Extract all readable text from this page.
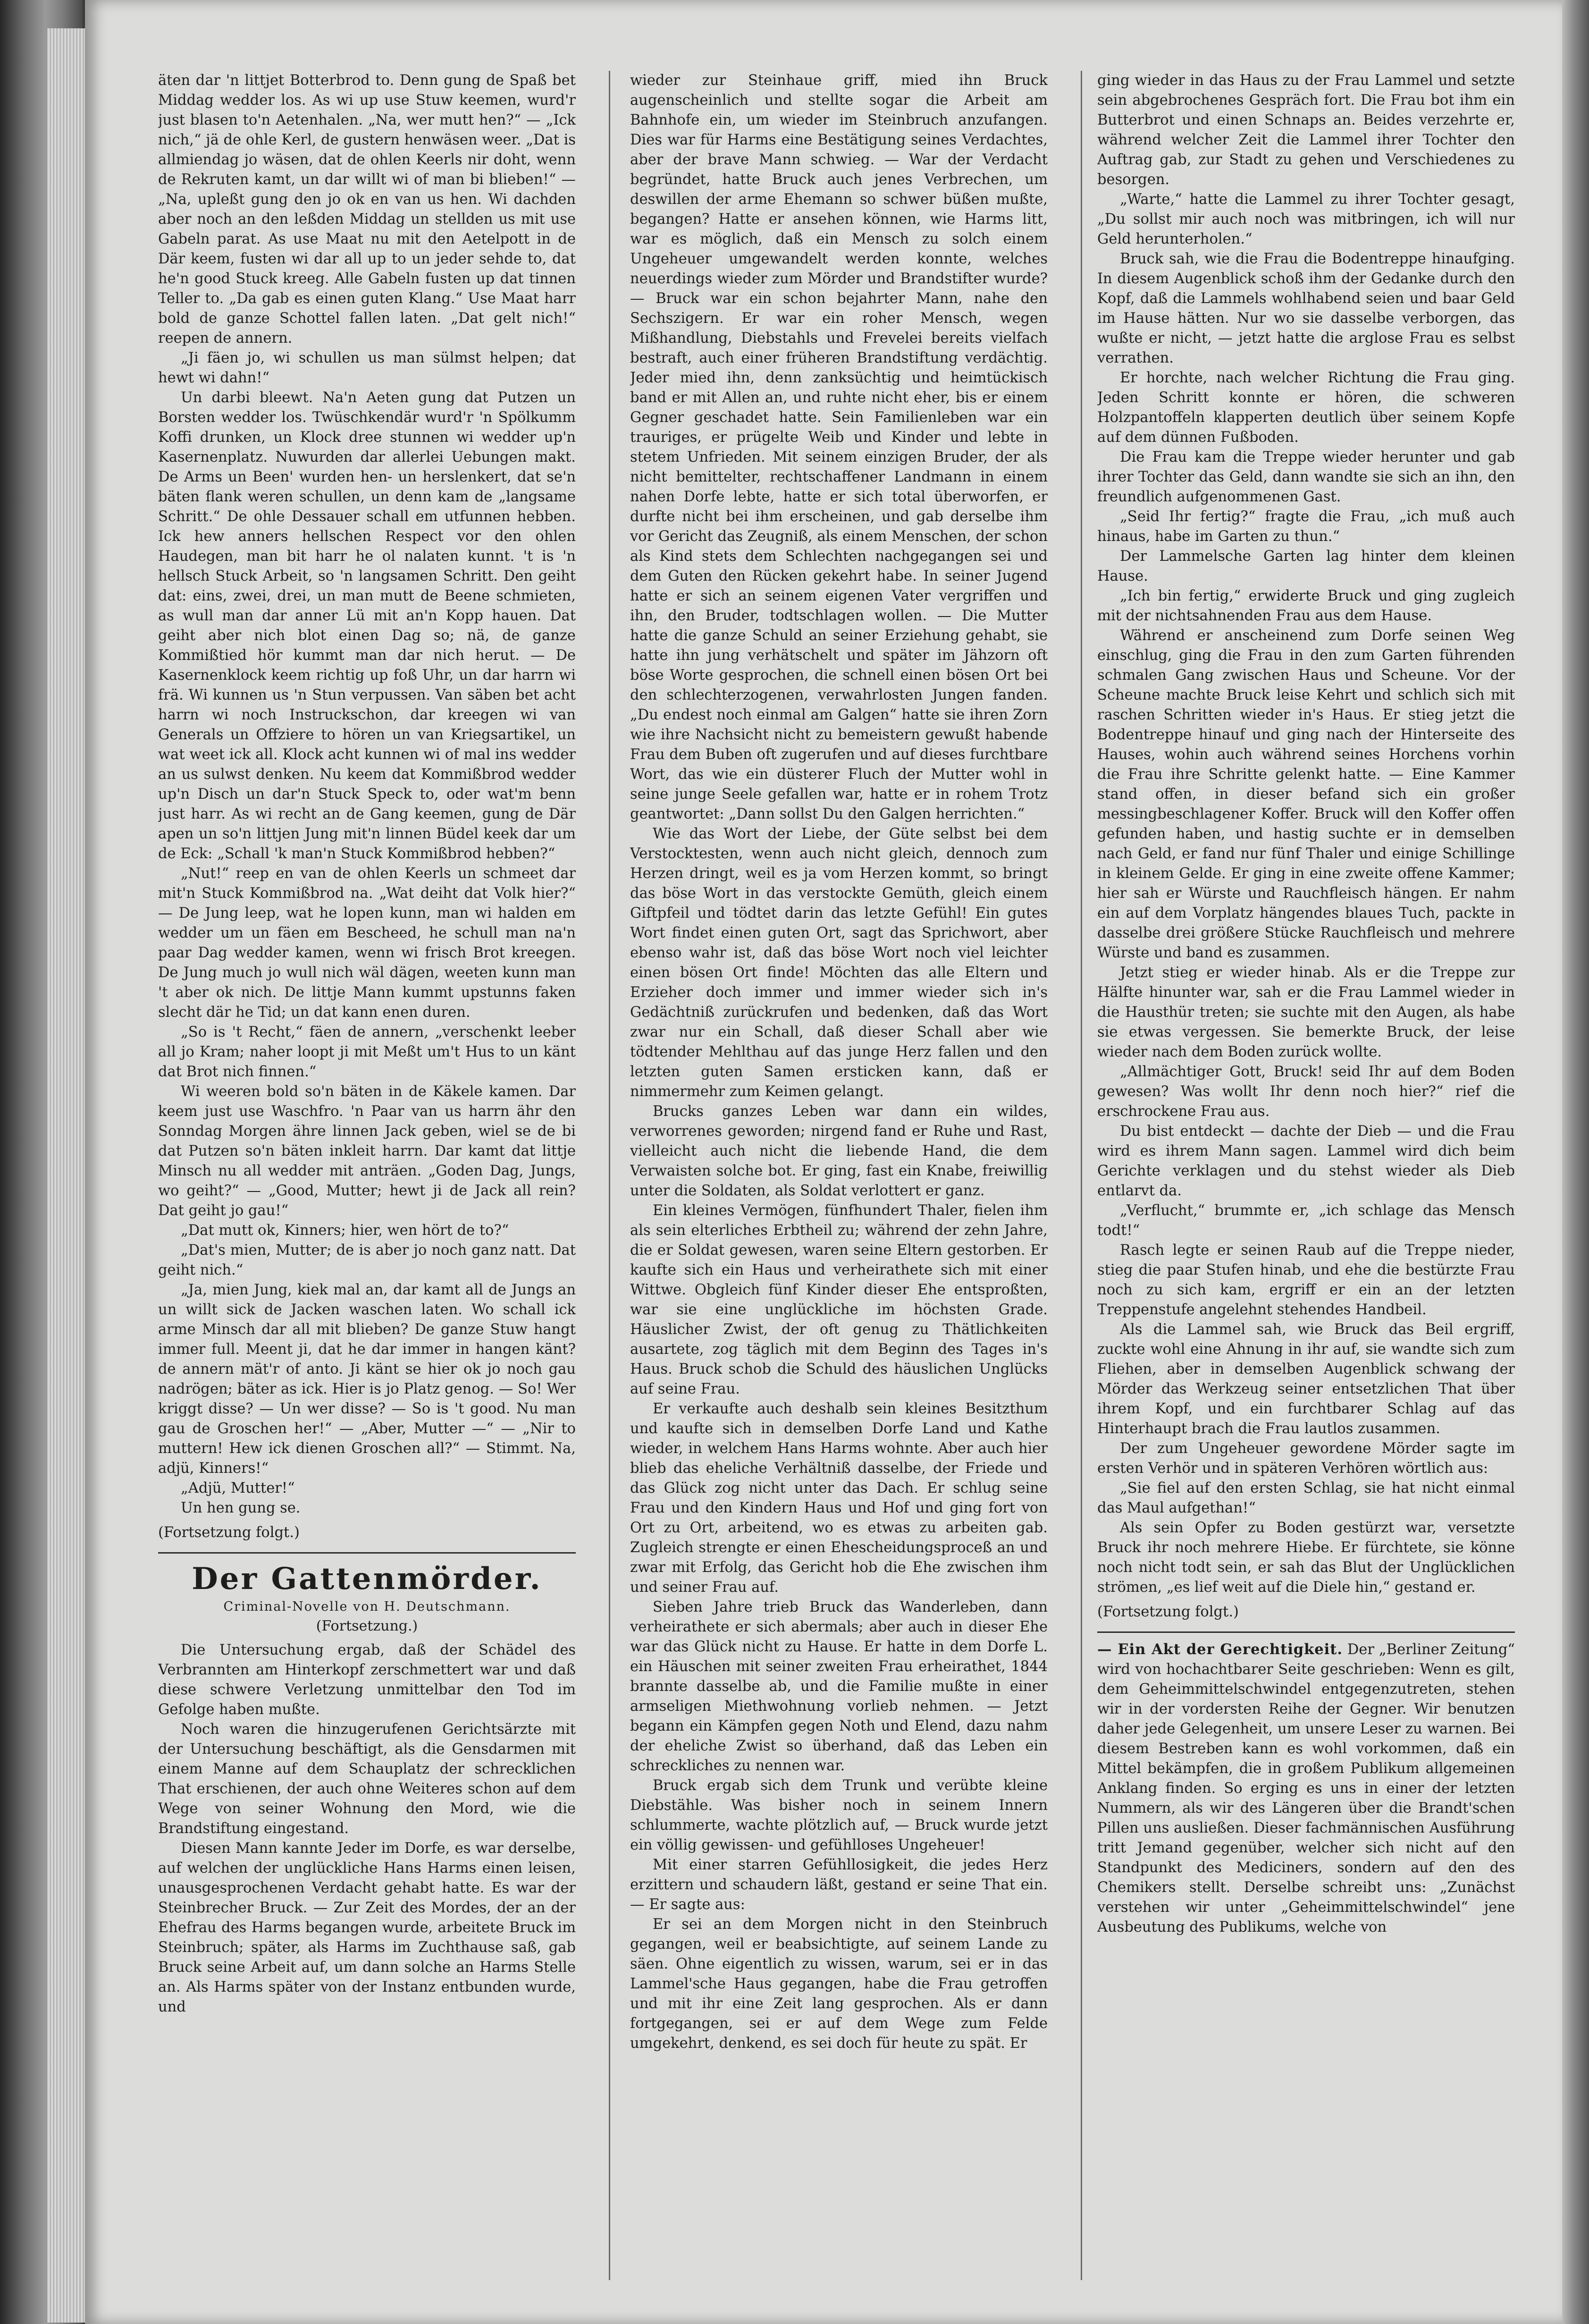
äten dar 'n littjet Botterbrod to. Denn gung de Spaß bet Middag wedder los. As wi up use Stuw keemen, wurd'r just blasen to'n Aetenhalen. „Na, wer mutt hen?“ — „Ick nich,“ jä de ohle Kerl, de gustern henwäsen weer. „Dat is allmiendag jo wäsen, dat de ohlen Keerls nir doht, wenn de Rekruten kamt, un dar willt wi of man bi blieben!“ — „Na, upleßt gung den jo ok en van us hen. Wi dachden aber noch an den leßden Middag un stellden us mit use Gabeln parat. As use Maat nu mit den Aetelpott in de Där keem, fusten wi dar all up to un jeder sehde to, dat he'n good Stuck kreeg. Alle Gabeln fusten up dat tinnen Teller to. „Da gab es einen guten Klang.“ Use Maat harr bold de ganze Schottel fallen laten. „Dat gelt nich!“ reepen de annern.

„Ji fäen jo, wi schullen us man sülmst helpen; dat hewt wi dahn!“

Un darbi bleewt. Na'n Aeten gung dat Putzen un Borsten wedder los. Twüschkendär wurd'r 'n Spölkumm Koffi drunken, un Klock dree stunnen wi wedder up'n Kasernenplatz. Nuwurden dar allerlei Uebungen makt. De Arms un Been' wurden hen- un herslenkert, dat se'n bäten flank weren schullen, un denn kam de „langsame Schritt.“ De ohle Dessauer schall em utfunnen hebben. Ick hew anners hellschen Respect vor den ohlen Haudegen, man bit harr he ol nalaten kunnt. 't is 'n hellsch Stuck Arbeit, so 'n langsamen Schritt. Den geiht dat: eins, zwei, drei, un man mutt de Beene schmieten, as wull man dar anner Lü mit an'n Kopp hauen. Dat geiht aber nich blot einen Dag so; nä, de ganze Kommißtied hör kummt man dar nich herut. — De Kasernenklock keem richtig up foß Uhr, un dar harrn wi frä. Wi kunnen us 'n Stun verpussen. Van säben bet acht harrn wi noch Instruckschon, dar kreegen wi van Generals un Offziere to hören un van Kriegsartikel, un wat weet ick all. Klock acht kunnen wi of mal ins wedder an us sulwst denken. Nu keem dat Kommißbrod wedder up'n Disch un dar'n Stuck Speck to, oder wat'm benn just harr. As wi recht an de Gang keemen, gung de Där apen un so'n littjen Jung mit'n linnen Büdel keek dar um de Eck: „Schall 'k man'n Stuck Kommißbrod hebben?“

„Nut!“ reep en van de ohlen Keerls un schmeet dar mit'n Stuck Kommißbrod na. „Wat deiht dat Volk hier?“ — De Jung leep, wat he lopen kunn, man wi halden em wedder um un fäen em Bescheed, he schull man na'n paar Dag wedder kamen, wenn wi frisch Brot kreegen. De Jung much jo wull nich wäl dägen, weeten kunn man 't aber ok nich. De littje Mann kummt upstunns faken slecht där he Tid; un dat kann enen duren.

„So is 't Recht,“ fäen de annern, „verschenkt leeber all jo Kram; naher loopt ji mit Meßt um't Hus to un känt dat Brot nich finnen.“

Wi weeren bold so'n bäten in de Käkele kamen. Dar keem just use Waschfro. 'n Paar van us harrn ähr den Sonndag Morgen ähre linnen Jack geben, wiel se de bi dat Putzen so'n bäten inkleit harrn. Dar kamt dat littje Minsch nu all wedder mit anträen. „Goden Dag, Jungs, wo geiht?“ — „Good, Mutter; hewt ji de Jack all rein? Dat geiht jo gau!“

„Dat mutt ok, Kinners; hier, wen hört de to?“

„Dat's mien, Mutter; de is aber jo noch ganz natt. Dat geiht nich.“

„Ja, mien Jung, kiek mal an, dar kamt all de Jungs an un willt sick de Jacken waschen laten. Wo schall ick arme Minsch dar all mit blieben? De ganze Stuw hangt immer full. Meent ji, dat he dar immer in hangen känt? de annern mät'r of anto. Ji känt se hier ok jo noch gau nadrögen; bäter as ick. Hier is jo Platz genog. — So! Wer kriggt disse? — Un wer disse? — So is 't good. Nu man gau de Groschen her!“ — „Aber, Mutter —“ — „Nir to muttern! Hew ick dienen Groschen all?“ — Stimmt. Na, adjü, Kinners!“

„Adjü, Mutter!“

Un hen gung se.

(Fortsetzung folgt.)

Der Gattenmörder.
Criminal-Novelle von H. Deutschmann.
(Fortsetzung.)

Die Untersuchung ergab, daß der Schädel des Verbrannten am Hinterkopf zerschmettert war und daß diese schwere Verletzung unmittelbar den Tod im Gefolge haben mußte.

Noch waren die hinzugerufenen Gerichtsärzte mit der Untersuchung beschäftigt, als die Gensdarmen mit einem Manne auf dem Schauplatz der schrecklichen That erschienen, der auch ohne Weiteres schon auf dem Wege von seiner Wohnung den Mord, wie die Brandstiftung eingestand.

Diesen Mann kannte Jeder im Dorfe, es war derselbe, auf welchen der unglückliche Hans Harms einen leisen, unausgesprochenen Verdacht gehabt hatte. Es war der Steinbrecher Bruck. — Zur Zeit des Mordes, der an der Ehefrau des Harms begangen wurde, arbeitete Bruck im Steinbruch; später, als Harms im Zuchthause saß, gab Bruck seine Arbeit auf, um dann solche an Harms Stelle an. Als Harms später von der Instanz entbunden wurde, und

wieder zur Steinhaue griff, mied ihn Bruck augenscheinlich und stellte sogar die Arbeit am Bahnhofe ein, um wieder im Steinbruch anzufangen. Dies war für Harms eine Bestätigung seines Verdachtes, aber der brave Mann schwieg. — War der Verdacht begründet, hatte Bruck auch jenes Verbrechen, um deswillen der arme Ehemann so schwer büßen mußte, begangen? Hatte er ansehen können, wie Harms litt, war es möglich, daß ein Mensch zu solch einem Ungeheuer umgewandelt werden konnte, welches neuerdings wieder zum Mörder und Brandstifter wurde? — Bruck war ein schon bejahrter Mann, nahe den Sechszigern. Er war ein roher Mensch, wegen Mißhandlung, Diebstahls und Frevelei bereits vielfach bestraft, auch einer früheren Brandstiftung verdächtig. Jeder mied ihn, denn zanksüchtig und heimtückisch band er mit Allen an, und ruhte nicht eher, bis er einem Gegner geschadet hatte. Sein Familienleben war ein trauriges, er prügelte Weib und Kinder und lebte in stetem Unfrieden. Mit seinem einzigen Bruder, der als nicht bemittelter, rechtschaffener Landmann in einem nahen Dorfe lebte, hatte er sich total überworfen, er durfte nicht bei ihm erscheinen, und gab derselbe ihm vor Gericht das Zeugniß, als einem Menschen, der schon als Kind stets dem Schlechten nachgegangen sei und dem Guten den Rücken gekehrt habe. In seiner Jugend hatte er sich an seinem eigenen Vater vergriffen und ihn, den Bruder, todtschlagen wollen. — Die Mutter hatte die ganze Schuld an seiner Erziehung gehabt, sie hatte ihn jung verhätschelt und später im Jähzorn oft böse Worte gesprochen, die schnell einen bösen Ort bei den schlechterzogenen, verwahrlosten Jungen fanden. „Du endest noch einmal am Galgen“ hatte sie ihren Zorn wie ihre Nachsicht nicht zu bemeistern gewußt habende Frau dem Buben oft zugerufen und auf dieses furchtbare Wort, das wie ein düsterer Fluch der Mutter wohl in seine junge Seele gefallen war, hatte er in rohem Trotz geantwortet: „Dann sollst Du den Galgen herrichten.“

Wie das Wort der Liebe, der Güte selbst bei dem Verstocktesten, wenn auch nicht gleich, dennoch zum Herzen dringt, weil es ja vom Herzen kommt, so bringt das böse Wort in das verstockte Gemüth, gleich einem Giftpfeil und tödtet darin das letzte Gefühl! Ein gutes Wort findet einen guten Ort, sagt das Sprichwort, aber ebenso wahr ist, daß das böse Wort noch viel leichter einen bösen Ort finde! Möchten das alle Eltern und Erzieher doch immer und immer wieder sich in's Gedächtniß zurückrufen und bedenken, daß das Wort zwar nur ein Schall, daß dieser Schall aber wie tödtender Mehlthau auf das junge Herz fallen und den letzten guten Samen ersticken kann, daß er nimmermehr zum Keimen gelangt.

Brucks ganzes Leben war dann ein wildes, verworrenes geworden; nirgend fand er Ruhe und Rast, vielleicht auch nicht die liebende Hand, die dem Verwaisten solche bot. Er ging, fast ein Knabe, freiwillig unter die Soldaten, als Soldat verlottert er ganz.

Ein kleines Vermögen, fünfhundert Thaler, fielen ihm als sein elterliches Erbtheil zu; während der zehn Jahre, die er Soldat gewesen, waren seine Eltern gestorben. Er kaufte sich ein Haus und verheirathete sich mit einer Wittwe. Obgleich fünf Kinder dieser Ehe entsproßten, war sie eine unglückliche im höchsten Grade. Häuslicher Zwist, der oft genug zu Thätlichkeiten ausartete, zog täglich mit dem Beginn des Tages in's Haus. Bruck schob die Schuld des häuslichen Unglücks auf seine Frau.

Er verkaufte auch deshalb sein kleines Besitzthum und kaufte sich in demselben Dorfe Land und Kathe wieder, in welchem Hans Harms wohnte. Aber auch hier blieb das eheliche Verhältniß dasselbe, der Friede und das Glück zog nicht unter das Dach. Er schlug seine Frau und den Kindern Haus und Hof und ging fort von Ort zu Ort, arbeitend, wo es etwas zu arbeiten gab. Zugleich strengte er einen Ehescheidungsproceß an und zwar mit Erfolg, das Gericht hob die Ehe zwischen ihm und seiner Frau auf.

Sieben Jahre trieb Bruck das Wanderleben, dann verheirathete er sich abermals; aber auch in dieser Ehe war das Glück nicht zu Hause. Er hatte in dem Dorfe L. ein Häuschen mit seiner zweiten Frau erheirathet, 1844 brannte dasselbe ab, und die Familie mußte in einer armseligen Miethwohnung vorlieb nehmen. — Jetzt begann ein Kämpfen gegen Noth und Elend, dazu nahm der eheliche Zwist so überhand, daß das Leben ein schreckliches zu nennen war.

Bruck ergab sich dem Trunk und verübte kleine Diebstähle. Was bisher noch in seinem Innern schlummerte, wachte plötzlich auf, — Bruck wurde jetzt ein völlig gewissen- und gefühlloses Ungeheuer!

Mit einer starren Gefühllosigkeit, die jedes Herz erzittern und schaudern läßt, gestand er seine That ein. — Er sagte aus:

Er sei an dem Morgen nicht in den Steinbruch gegangen, weil er beabsichtigte, auf seinem Lande zu säen. Ohne eigentlich zu wissen, warum, sei er in das Lammel'sche Haus gegangen, habe die Frau getroffen und mit ihr eine Zeit lang gesprochen. Als er dann fortgegangen, sei er auf dem Wege zum Felde umgekehrt, denkend, es sei doch für heute zu spät. Er

ging wieder in das Haus zu der Frau Lammel und setzte sein abgebrochenes Gespräch fort. Die Frau bot ihm ein Butterbrot und einen Schnaps an. Beides verzehrte er, während welcher Zeit die Lammel ihrer Tochter den Auftrag gab, zur Stadt zu gehen und Verschiedenes zu besorgen.

„Warte,“ hatte die Lammel zu ihrer Tochter gesagt, „Du sollst mir auch noch was mitbringen, ich will nur Geld herunterholen.“

Bruck sah, wie die Frau die Bodentreppe hinaufging. In diesem Augenblick schoß ihm der Gedanke durch den Kopf, daß die Lammels wohlhabend seien und baar Geld im Hause hätten. Nur wo sie dasselbe verborgen, das wußte er nicht, — jetzt hatte die arglose Frau es selbst verrathen.

Er horchte, nach welcher Richtung die Frau ging. Jeden Schritt konnte er hören, die schweren Holzpantoffeln klapperten deutlich über seinem Kopfe auf dem dünnen Fußboden.

Die Frau kam die Treppe wieder herunter und gab ihrer Tochter das Geld, dann wandte sie sich an ihn, den freundlich aufgenommenen Gast.

„Seid Ihr fertig?“ fragte die Frau, „ich muß auch hinaus, habe im Garten zu thun.“

Der Lammelsche Garten lag hinter dem kleinen Hause.

„Ich bin fertig,“ erwiderte Bruck und ging zugleich mit der nichtsahnenden Frau aus dem Hause.

Während er anscheinend zum Dorfe seinen Weg einschlug, ging die Frau in den zum Garten führenden schmalen Gang zwischen Haus und Scheune. Vor der Scheune machte Bruck leise Kehrt und schlich sich mit raschen Schritten wieder in's Haus. Er stieg jetzt die Bodentreppe hinauf und ging nach der Hinterseite des Hauses, wohin auch während seines Horchens vorhin die Frau ihre Schritte gelenkt hatte. — Eine Kammer stand offen, in dieser befand sich ein großer messingbeschlagener Koffer. Bruck will den Koffer offen gefunden haben, und hastig suchte er in demselben nach Geld, er fand nur fünf Thaler und einige Schillinge in kleinem Gelde. Er ging in eine zweite offene Kammer; hier sah er Würste und Rauchfleisch hängen. Er nahm ein auf dem Vorplatz hängendes blaues Tuch, packte in dasselbe drei größere Stücke Rauchfleisch und mehrere Würste und band es zusammen.

Jetzt stieg er wieder hinab. Als er die Treppe zur Hälfte hinunter war, sah er die Frau Lammel wieder in die Hausthür treten; sie suchte mit den Augen, als habe sie etwas vergessen. Sie bemerkte Bruck, der leise wieder nach dem Boden zurück wollte.

„Allmächtiger Gott, Bruck! seid Ihr auf dem Boden gewesen? Was wollt Ihr denn noch hier?“ rief die erschrockene Frau aus.

Du bist entdeckt — dachte der Dieb — und die Frau wird es ihrem Mann sagen. Lammel wird dich beim Gerichte verklagen und du stehst wieder als Dieb entlarvt da.

„Verflucht,“ brummte er, „ich schlage das Mensch todt!“

Rasch legte er seinen Raub auf die Treppe nieder, stieg die paar Stufen hinab, und ehe die bestürzte Frau noch zu sich kam, ergriff er ein an der letzten Treppenstufe angelehnt stehendes Handbeil.

Als die Lammel sah, wie Bruck das Beil ergriff, zuckte wohl eine Ahnung in ihr auf, sie wandte sich zum Fliehen, aber in demselben Augenblick schwang der Mörder das Werkzeug seiner entsetzlichen That über ihrem Kopf, und ein furchtbarer Schlag auf das Hinterhaupt brach die Frau lautlos zusammen.

Der zum Ungeheuer gewordene Mörder sagte im ersten Verhör und in späteren Verhören wörtlich aus:

„Sie fiel auf den ersten Schlag, sie hat nicht einmal das Maul aufgethan!“

Als sein Opfer zu Boden gestürzt war, versetzte Bruck ihr noch mehrere Hiebe. Er fürchtete, sie könne noch nicht todt sein, er sah das Blut der Unglücklichen strömen, „es lief weit auf die Diele hin,“ gestand er.

(Fortsetzung folgt.)

— Ein Akt der Gerechtigkeit. Der „Berliner Zeitung“ wird von hochachtbarer Seite geschrieben: Wenn es gilt, dem Geheimmittelschwindel entgegenzutreten, stehen wir in der vordersten Reihe der Gegner. Wir benutzen daher jede Gelegenheit, um unsere Leser zu warnen. Bei diesem Bestreben kann es wohl vorkommen, daß ein Mittel bekämpfen, die in großem Publikum allgemeinen Anklang finden. So erging es uns in einer der letzten Nummern, als wir des Längeren über die Brandt'schen Pillen uns ausließen. Dieser fachmännischen Ausführung tritt Jemand gegenüber, welcher sich nicht auf den Standpunkt des Mediciners, sondern auf den des Chemikers stellt. Derselbe schreibt uns: „Zunächst verstehen wir unter „Geheimmittelschwindel“ jene Ausbeutung des Publikums, welche von
